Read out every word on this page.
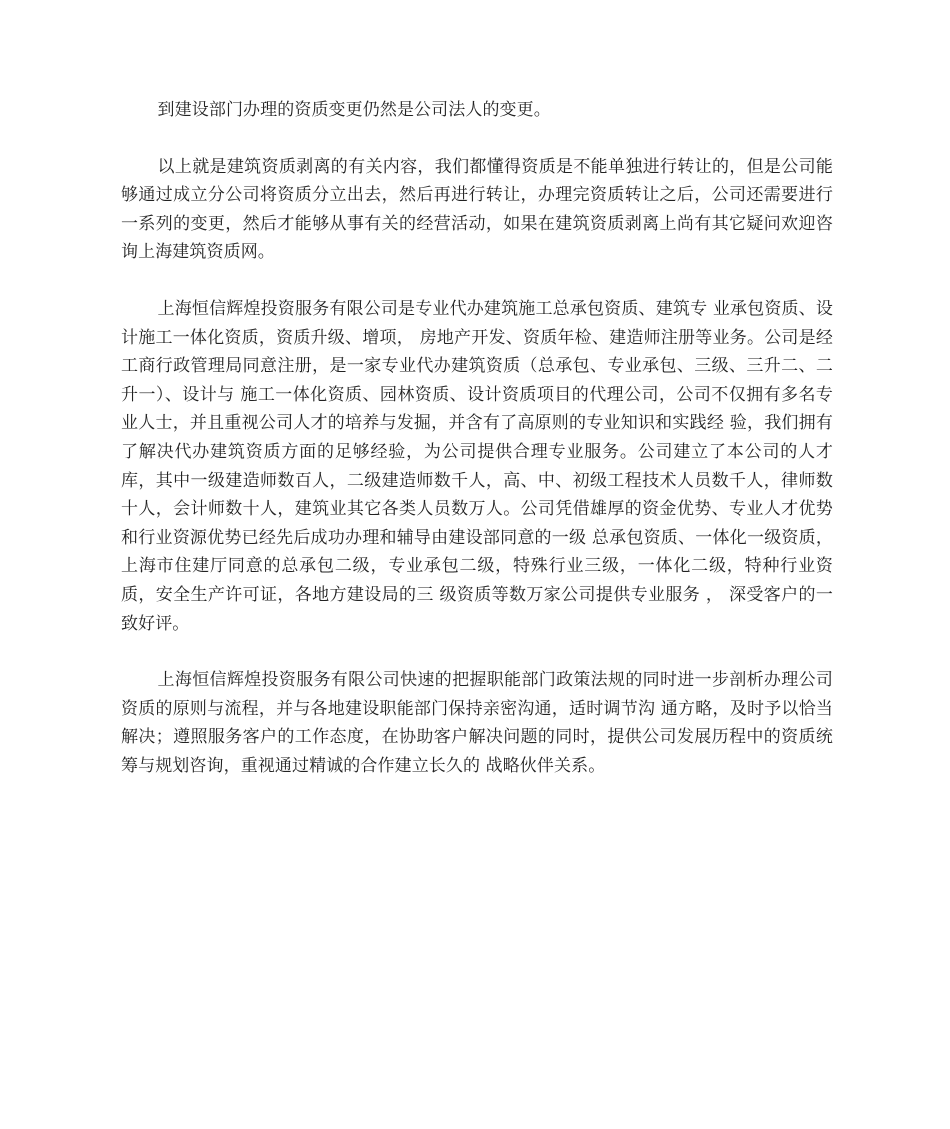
到建设部门办理的资质变更仍然是公司法人的变更。

以上就是建筑资质剥离的有关内容，我们都懂得资质是不能单独进行转让的，但是公司能够通过成立分公司将资质分立出去，然后再进行转让，办理完资质转让之后，公司还需要进行一系列的变更，然后才能够从事有关的经营活动，如果在建筑资质剥离上尚有其它疑问欢迎咨询上海建筑资质网。

上海恒信辉煌投资服务有限公司是专业代办建筑施工总承包资质、建筑专 业承包资质、设计施工一体化资质，资质升级、增项， 房地产开发、资质年检、建造师注册等业务。公司是经工商行政管理局同意注册，是一家专业代办建筑资质（总承包、专业承包、三级、三升二、二升一）、设计与 施工一体化资质、园林资质、设计资质项目的代理公司，公司不仅拥有多名专业人士，并且重视公司人才的培养与发掘，并含有了高原则的专业知识和实践经 验，我们拥有了解决代办建筑资质方面的足够经验，为公司提供合理专业服务。公司建立了本公司的人才库，其中一级建造师数百人，二级建造师数千人，高、中、初级工程技术人员数千人，律师数十人，会计师数十人，建筑业其它各类人员数万人。公司凭借雄厚的资金优势、专业人才优势和行业资源优势已经先后成功办理和辅导由建设部同意的一级 总承包资质、一体化一级资质，上海市住建厅同意的总承包二级，专业承包二级，特殊行业三级，一体化二级，特种行业资质，安全生产许可证，各地方建设局的三 级资质等数万家公司提供专业服务 ， 深受客户的一致好评。

上海恒信辉煌投资服务有限公司快速的把握职能部门政策法规的同时进一步剖析办理公司资质的原则与流程，并与各地建设职能部门保持亲密沟通，适时调节沟 通方略，及时予以恰当解决；遵照服务客户的工作态度，在协助客户解决问题的同时，提供公司发展历程中的资质统筹与规划咨询，重视通过精诚的合作建立长久的 战略伙伴关系。
